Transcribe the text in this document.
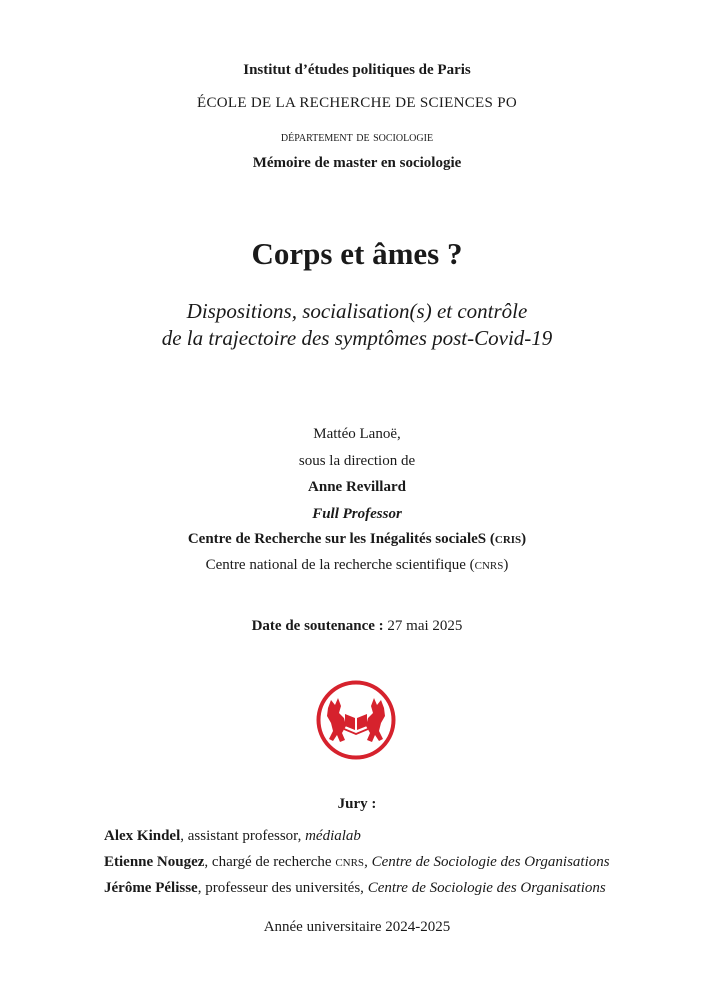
Institut d’études politiques de Paris
ÉCOLE DE LA RECHERCHE DE SCIENCES PO
département de sociologie
Mémoire de master en sociologie
Corps et âmes ?
Dispositions, socialisation(s) et contrôle
de la trajectoire des symptômes post-Covid-19
Mattéo Lanoë,
sous la direction de
Anne Revillard
Full Professor
Centre de Recherche sur les Inégalités socialeS (cris)
Centre national de la recherche scientifique (cnrs)
Date de soutenance : 27 mai 2025
Jury :
Alex Kindel, assistant professor, médialab
Etienne Nougez, chargé de recherche cnrs, Centre de Sociologie des Organisations
Jérôme Pélisse, professeur des universités, Centre de Sociologie des Organisations
Année universitaire 2024-2025
